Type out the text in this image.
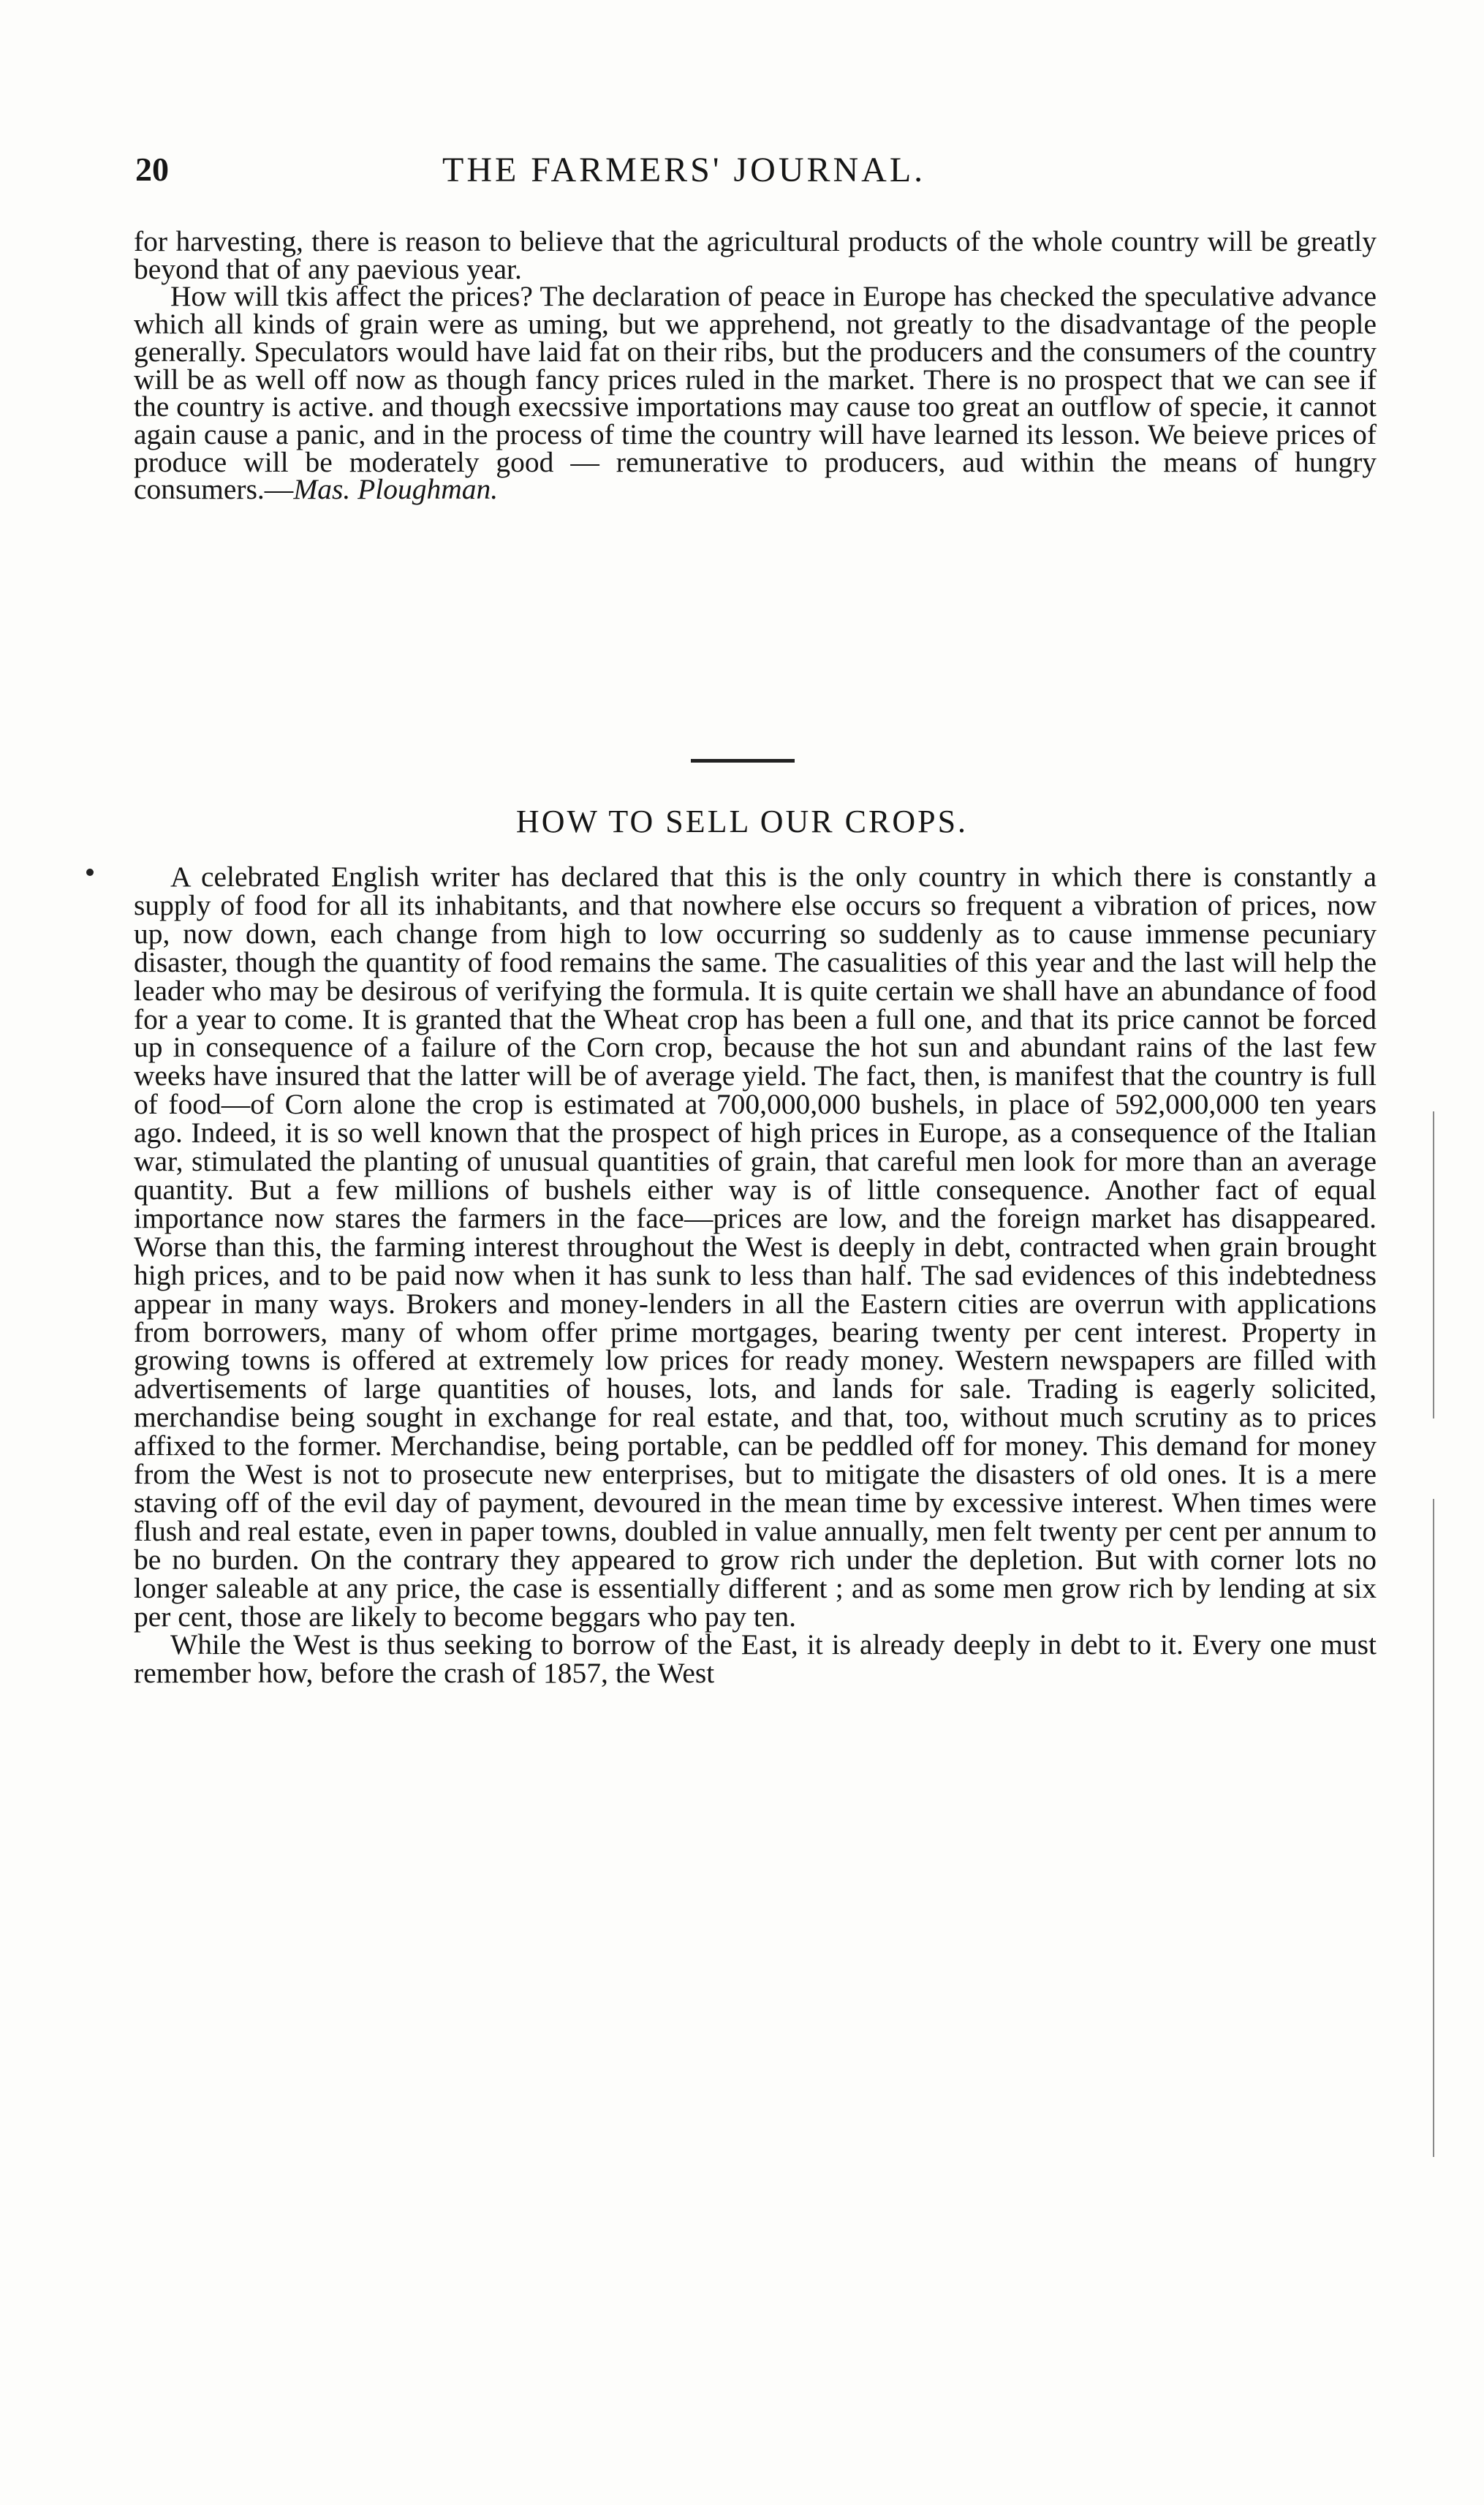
20	THE FARMERS' JOURNAL.

for harvesting, there is reason to believe that the agricultural products of the whole country will be greatly beyond that of any paevious year.

How will tkis affect the prices? The declaration of peace in Europe has checked the speculative advance which all kinds of grain were as uming, but we apprehend, not greatly to the disadvantage of the people generally. Speculators would have laid fat on their ribs, but the producers and the consumers of the country will be as well off now as though fancy prices ruled in the market. There is no prospect that we can see if the country is active. and though execssive importations may cause too great an outflow of specie, it cannot again cause a panic, and in the process of time the country will have learned its lesson. We beieve prices of produce will be moderately good — remunerative to producers, aud within the means of hungry consumers.—Mas. Ploughman.

HOW TO SELL OUR CROPS.

A celebrated English writer has declared that this is the only country in which there is constantly a supply of food for all its inhabitants, and that nowhere else occurs so frequent a vibration of prices, now up, now down, each change from high to low occurring so suddenly as to cause immense pecuniary disaster, though the quantity of food remains the same. The casualities of this year and the last will help the leader who may be desirous of verifying the formula. It is quite certain we shall have an abundance of food for a year to come. It is granted that the Wheat crop has been a full one, and that its price cannot be forced up in consequence of a failure of the Corn crop, because the hot sun and abundant rains of the last few weeks have insured that the latter will be of average yield. The fact, then, is manifest that the country is full of food—of Corn alone the crop is estimated at 700,000,000 bushels, in place of 592,000,000 ten years ago. Indeed, it is so well known that the prospect of high prices in Europe, as a consequence of the Italian war, stimulated the planting of unusual quantities of grain, that careful men look for more than an average quantity. But a few millions of bushels either way is of little consequence. Another fact of equal importance now stares the farmers in the face—prices are low, and the foreign market has disappeared. Worse than this, the farming interest throughout the West is deeply in debt, contracted when grain brought high prices, and to be paid now when it has sunk to less than half. The sad evidences of this indebtedness appear in many ways. Brokers and money-lenders in all the Eastern cities are overrun with applications from borrowers, many of whom offer prime mortgages, bearing twenty per cent interest. Property in growing towns is offered at extremely low prices for ready money. Western newspapers are filled with advertisements of large quantities of houses, lots, and lands for sale. Trading is eagerly solicited, merchandise being sought in exchange for real estate, and that, too, without much scrutiny as to prices affixed to the former. Merchandise, being portable, can be peddled off for money. This demand for money from the West is not to prosecute new enterprises, but to mitigate the disasters of old ones. It is a mere staving off of the evil day of payment, devoured in the mean time by excessive interest. When times were flush and real estate, even in paper towns, doubled in value annually, men felt twenty per cent per annum to be no burden. On the contrary they appeared to grow rich under the depletion. But with corner lots no longer saleable at any price, the case is essentially different ; and as some men grow rich by lending at six per cent, those are likely to become beggars who pay ten.

While the West is thus seeking to borrow of the East, it is already deeply in debt to it. Every one must remember how, before the crash of 1857, the West
